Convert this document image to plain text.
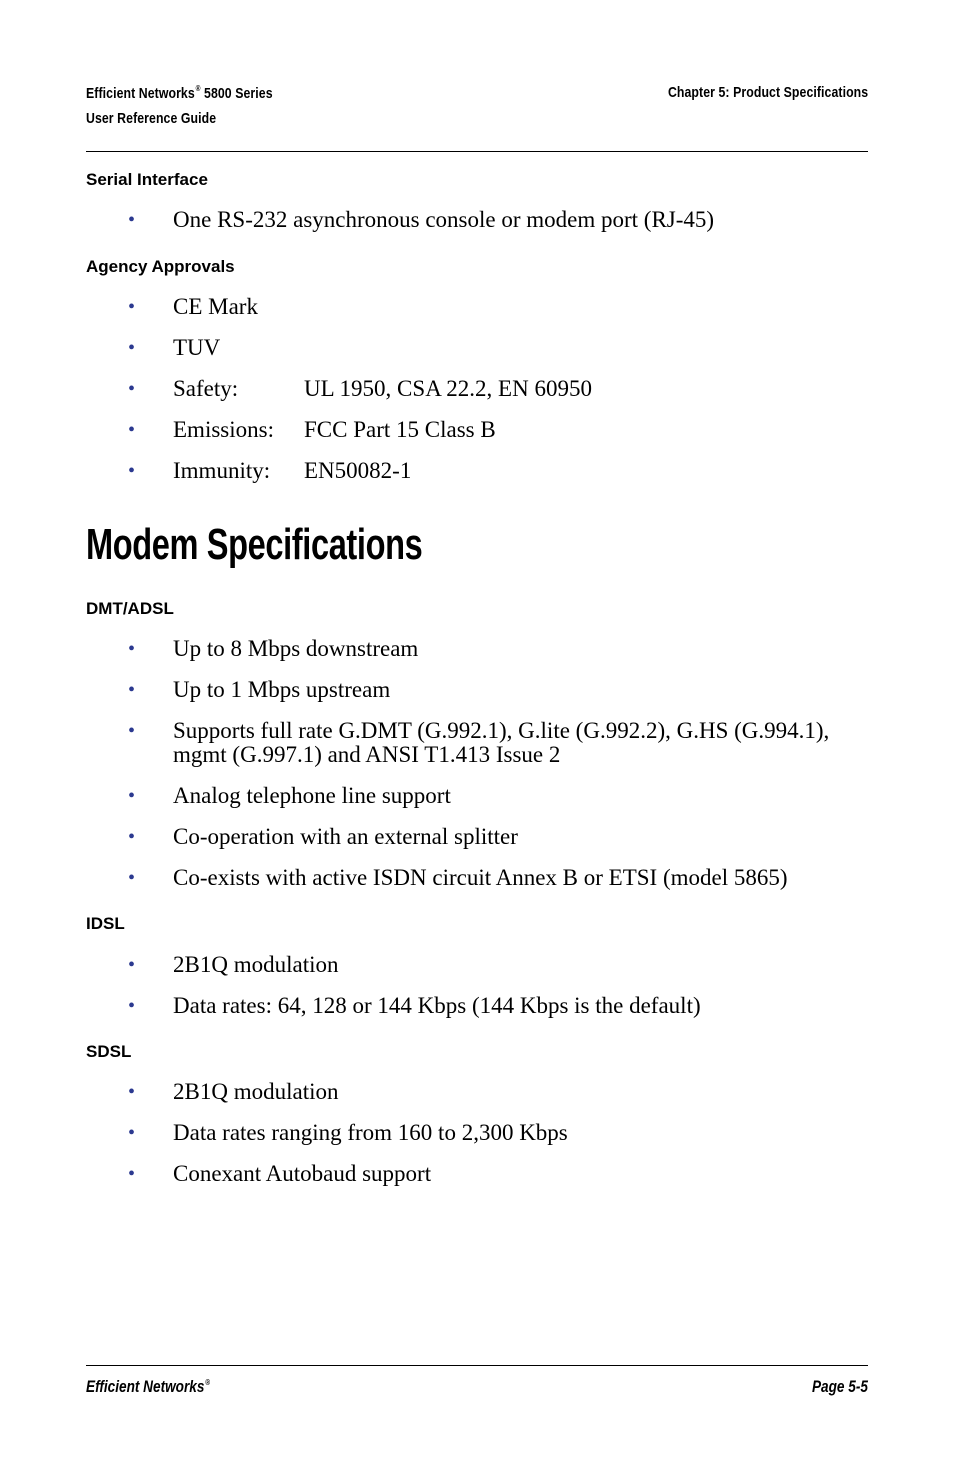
Efficient Networks® 5800 Series
User Reference Guide
Chapter 5: Product Specifications
Serial Interface
• One RS-232 asynchronous console or modem port (RJ-45)
Agency Approvals
• CE Mark
• TUV
• Safety:	UL 1950, CSA 22.2, EN 60950
• Emissions: FCC Part 15 Class B
• Immunity: EN50082-1
Modem Specifications
DMT/ADSL
• Up to 8 Mbps downstream
• Up to 1 Mbps upstream
• Supports full rate G.DMT (G.992.1), G.lite (G.992.2), G.HS (G.994.1),
mgmt (G.997.1) and ANSI T1.413 Issue 2
• Analog telephone line support
• Co-operation with an external splitter
• Co-exists with active ISDN circuit Annex B or ETSI (model 5865)
IDSL
• 2B1Q modulation
• Data rates: 64, 128 or 144 Kbps (144 Kbps is the default)
SDSL
• 2B1Q modulation
• Data rates ranging from 160 to 2,300 Kbps
• Conexant Autobaud support
Efficient Networks®	Page 5-5
